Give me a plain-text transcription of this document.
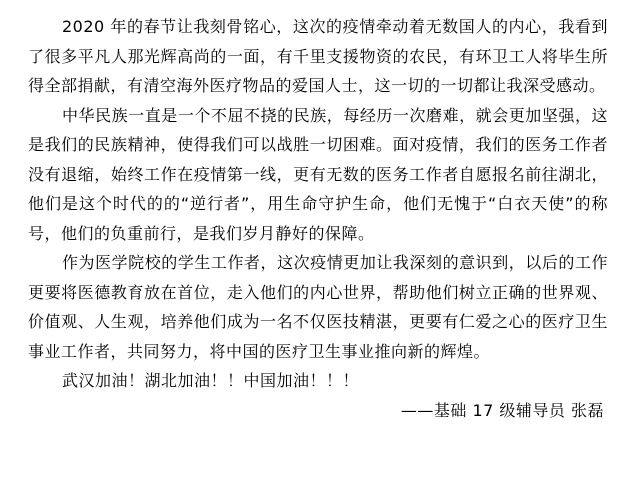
2020 年的春节让我刻骨铭心，这次的疫情牵动着无数国人的内心，我看到了很多平凡人那光辉高尚的一面，有千里支援物资的农民，有环卫工人将毕生所得全部捐献，有清空海外医疗物品的爱国人士，这一切的一切都让我深受感动。

中华民族一直是一个不屈不挠的民族，每经历一次磨难，就会更加坚强，这是我们的民族精神，使得我们可以战胜一切困难。面对疫情，我们的医务工作者没有退缩，始终工作在疫情第一线，更有无数的医务工作者自愿报名前往湖北，他们是这个时代的的“逆行者”，用生命守护生命，他们无愧于“白衣天使”的称号，他们的负重前行，是我们岁月静好的保障。

作为医学院校的学生工作者，这次疫情更加让我深刻的意识到，以后的工作更要将医德教育放在首位，走入他们的内心世界，帮助他们树立正确的世界观、价值观、人生观，培养他们成为一名不仅医技精湛，更要有仁爱之心的医疗卫生事业工作者，共同努力，将中国的医疗卫生事业推向新的辉煌。

武汉加油！湖北加油！！中国加油！！！

——基础 17 级辅导员 张磊
